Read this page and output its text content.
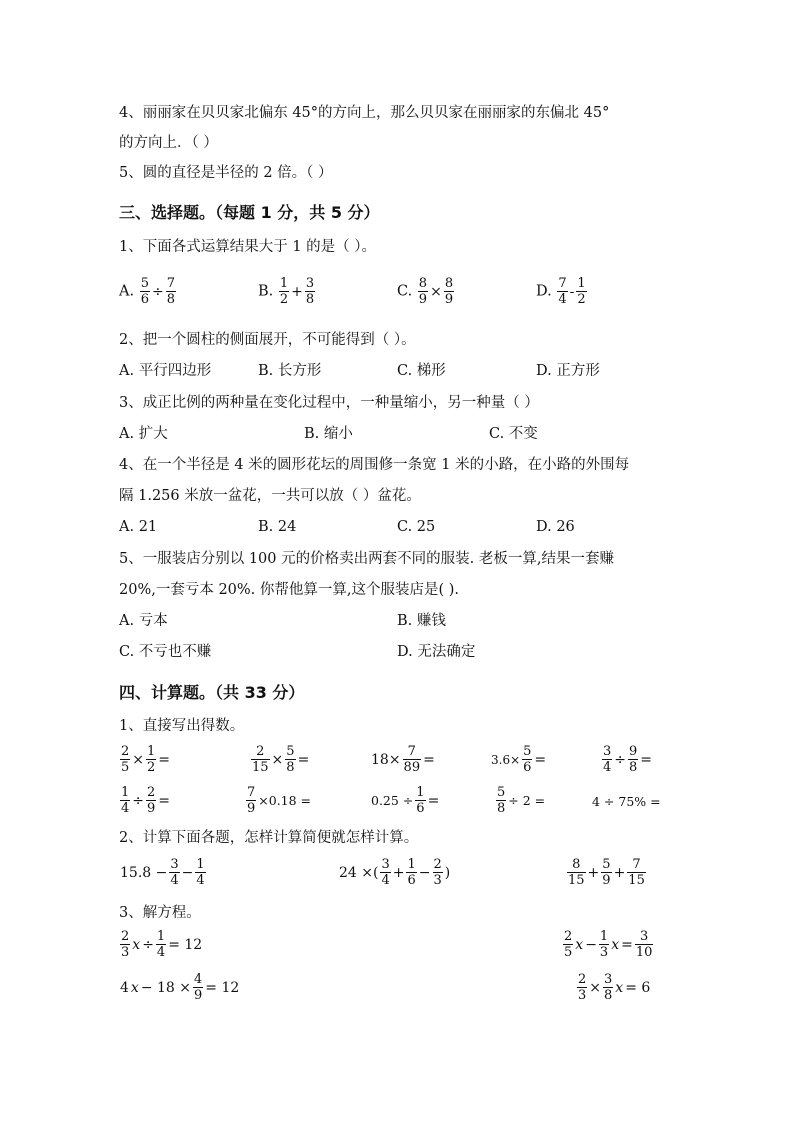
4、丽丽家在贝贝家北偏东 45°的方向上，那么贝贝家在丽丽家的东偏北 45°
的方向上．（ ）
5、圆的直径是半径的 2 倍。（ ）
三、选择题。（每题 1 分，共 5 分）
1、下面各式运算结果大于 1 的是（ ）。
A. $\frac{5}{6} \div \frac{7}{8}$	B. $\frac{1}{2} + \frac{3}{8}$	C. $\frac{8}{9} \times \frac{8}{9}$	D. $\frac{7}{4} - \frac{1}{2}$
2、把一个圆柱的侧面展开，不可能得到（ ）。
A. 平行四边形	B. 长方形	C. 梯形	D. 正方形
3、成正比例的两种量在变化过程中，一种量缩小，另一种量（ ）
A. 扩大	B. 缩小	C. 不变
4、在一个半径是 4 米的圆形花坛的周围修一条宽 1 米的小路，在小路的外围每
隔 1.256 米放一盆花，一共可以放（ ）盆花。
A. 21	B. 24	C. 25	D. 26
5、一服装店分别以 100 元的价格卖出两套不同的服装. 老板一算,结果一套赚
20%,一套亏本 20%. 你帮他算一算,这个服装店是( ).
A. 亏本	B. 赚钱
C. 不亏也不赚	D. 无法确定
四、计算题。（共 33 分）
1、直接写出得数。
$\frac{2}{5} \times \frac{1}{2}$ =	$\frac{2}{15} \times \frac{5}{8}$ =	$18\times \frac{7}{89}$ =	$3.6\times \frac{5}{6}$ =	$\frac{3}{4} \div \frac{9}{8}$ =
$\frac{1}{4} \div \frac{2}{9}$ =	$\frac{7}{9} \times 0.18$ =	$0.25 \div \frac{1}{6}$ =	$\frac{5}{8} \div 2$ =	4 ÷ 75% =
2、计算下面各题，怎样计算简便就怎样计算。
$15.8 - \frac{3}{4} - \frac{1}{4}$	24 ×( $\frac{3}{4} + \frac{1}{6} - \frac{2}{3}$ )	$\frac{8}{15} + \frac{5}{9} + \frac{7}{15}$
3、解方程。
$\frac{2}{3}$ $x \div \frac{1}{4} = 12$	$\frac{2}{5}$ $x - \frac{1}{3}$ $x = \frac{3}{10}$
4 $x - 18 \times \frac{4}{9} = 12$	$\frac{2}{3} \times \frac{3}{8}$ x = 6
